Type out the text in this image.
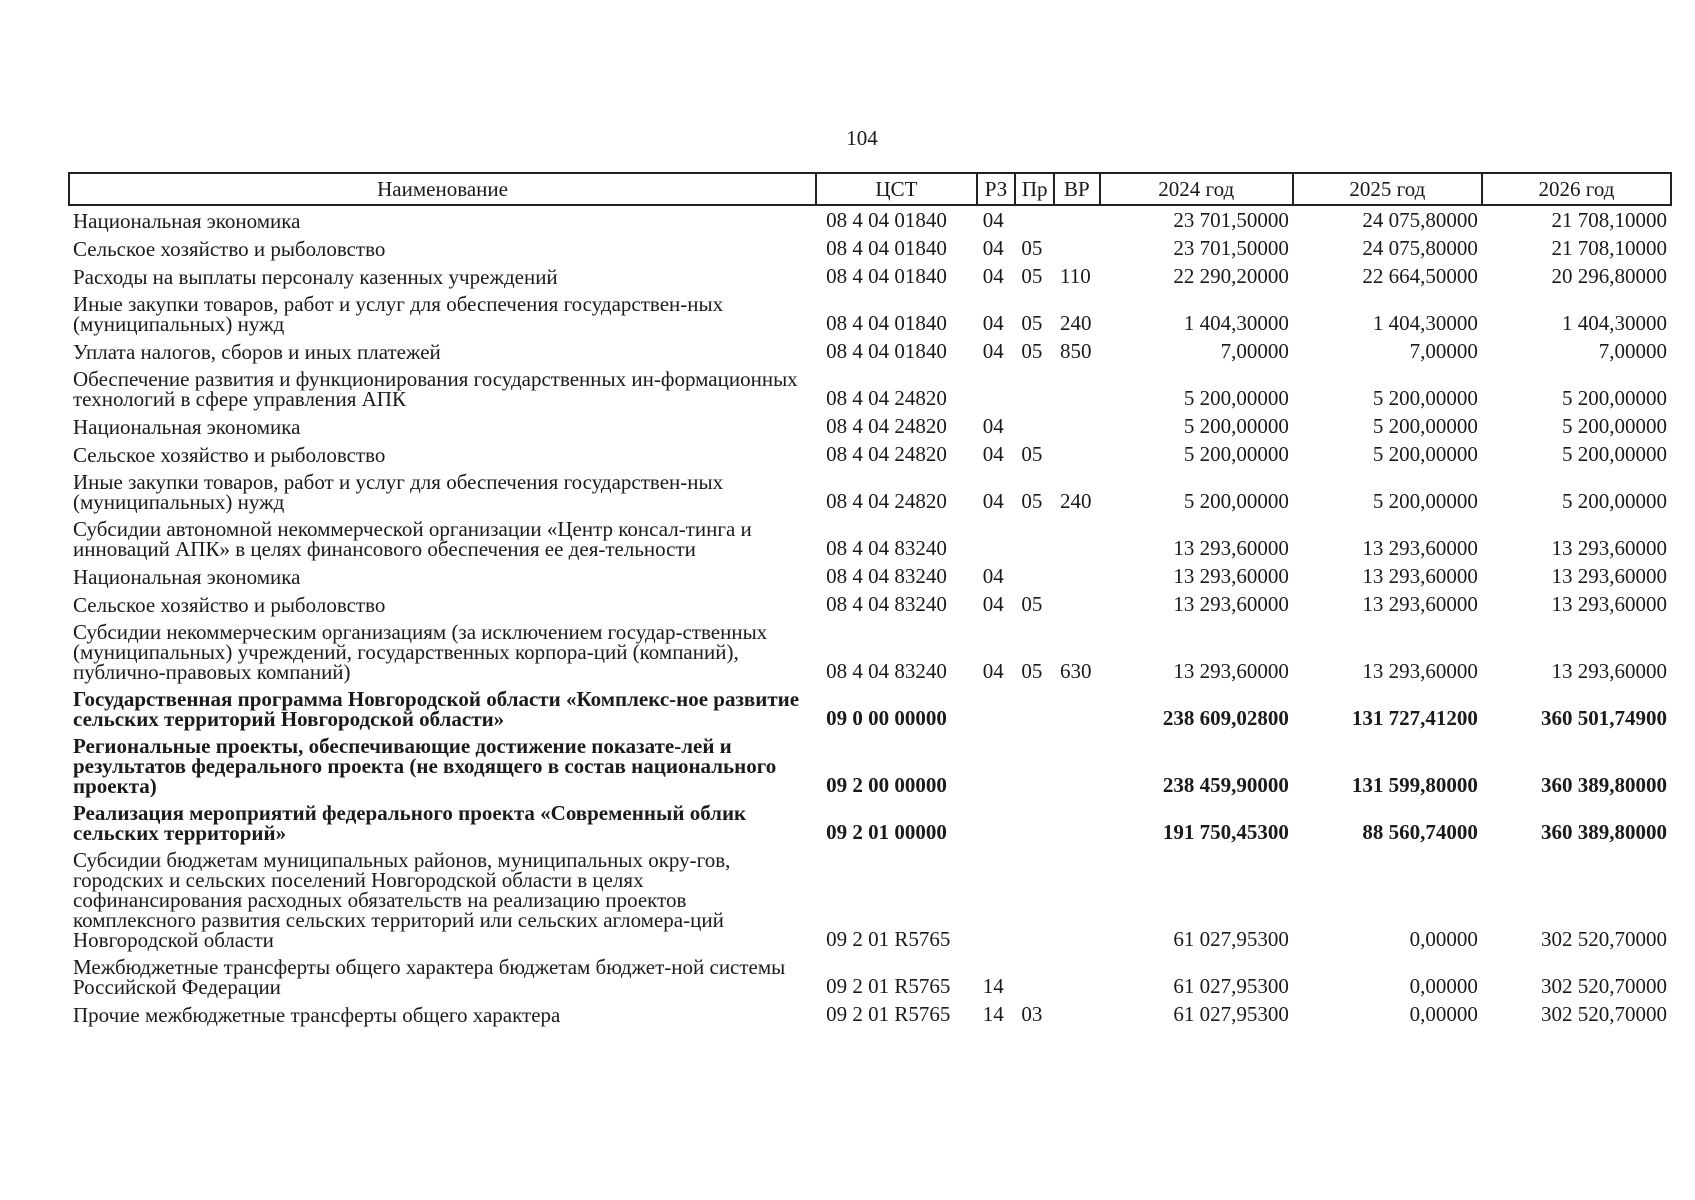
104
Наименование	ЦСТ	РЗ	Пр	ВР	2024 год	2025 год	2026 год
Национальная экономика	08 4 04 01840	04			23 701,50000	24 075,80000	21 708,10000
Сельское хозяйство и рыболовство	08 4 04 01840	04	05		23 701,50000	24 075,80000	21 708,10000
Расходы на выплаты персоналу казенных учреждений	08 4 04 01840	04	05	110	22 290,20000	22 664,50000	20 296,80000
Иные закупки товаров, работ и услуг для обеспечения государствен-ных (муниципальных) нужд	08 4 04 01840	04	05	240	1 404,30000	1 404,30000	1 404,30000
Уплата налогов, сборов и иных платежей	08 4 04 01840	04	05	850	7,00000	7,00000	7,00000
Обеспечение развития и функционирования государственных ин-формационных технологий в сфере управления АПК	08 4 04 24820				5 200,00000	5 200,00000	5 200,00000
Национальная экономика	08 4 04 24820	04			5 200,00000	5 200,00000	5 200,00000
Сельское хозяйство и рыболовство	08 4 04 24820	04	05		5 200,00000	5 200,00000	5 200,00000
Иные закупки товаров, работ и услуг для обеспечения государствен-ных (муниципальных) нужд	08 4 04 24820	04	05	240	5 200,00000	5 200,00000	5 200,00000
Субсидии автономной некоммерческой организации «Центр консал-тинга и инноваций АПК» в целях финансового обеспечения ее дея-тельности	08 4 04 83240				13 293,60000	13 293,60000	13 293,60000
Национальная экономика	08 4 04 83240	04			13 293,60000	13 293,60000	13 293,60000
Сельское хозяйство и рыболовство	08 4 04 83240	04	05		13 293,60000	13 293,60000	13 293,60000
Субсидии некоммерческим организациям (за исключением государ-ственных (муниципальных) учреждений, государственных корпора-ций (компаний), публично-правовых компаний)	08 4 04 83240	04	05	630	13 293,60000	13 293,60000	13 293,60000
Государственная программа Новгородской области «Комплекс-ное развитие сельских территорий Новгородской области»	09 0 00 00000				238 609,02800	131 727,41200	360 501,74900
Региональные проекты, обеспечивающие достижение показате-лей и результатов федерального проекта (не входящего в состав национального проекта)	09 2 00 00000				238 459,90000	131 599,80000	360 389,80000
Реализация мероприятий федерального проекта «Современный облик сельских территорий»	09 2 01 00000				191 750,45300	88 560,74000	360 389,80000
Субсидии бюджетам муниципальных районов, муниципальных окру-гов, городских и сельских поселений Новгородской области в целях софинансирования расходных обязательств на реализацию проектов комплексного развития сельских территорий или сельских агломера-ций Новгородской области	09 2 01 R5765				61 027,95300	0,00000	302 520,70000
Межбюджетные трансферты общего характера бюджетам бюджет-ной системы Российской Федерации	09 2 01 R5765	14			61 027,95300	0,00000	302 520,70000
Прочие межбюджетные трансферты общего характера	09 2 01 R5765	14	03		61 027,95300	0,00000	302 520,70000
